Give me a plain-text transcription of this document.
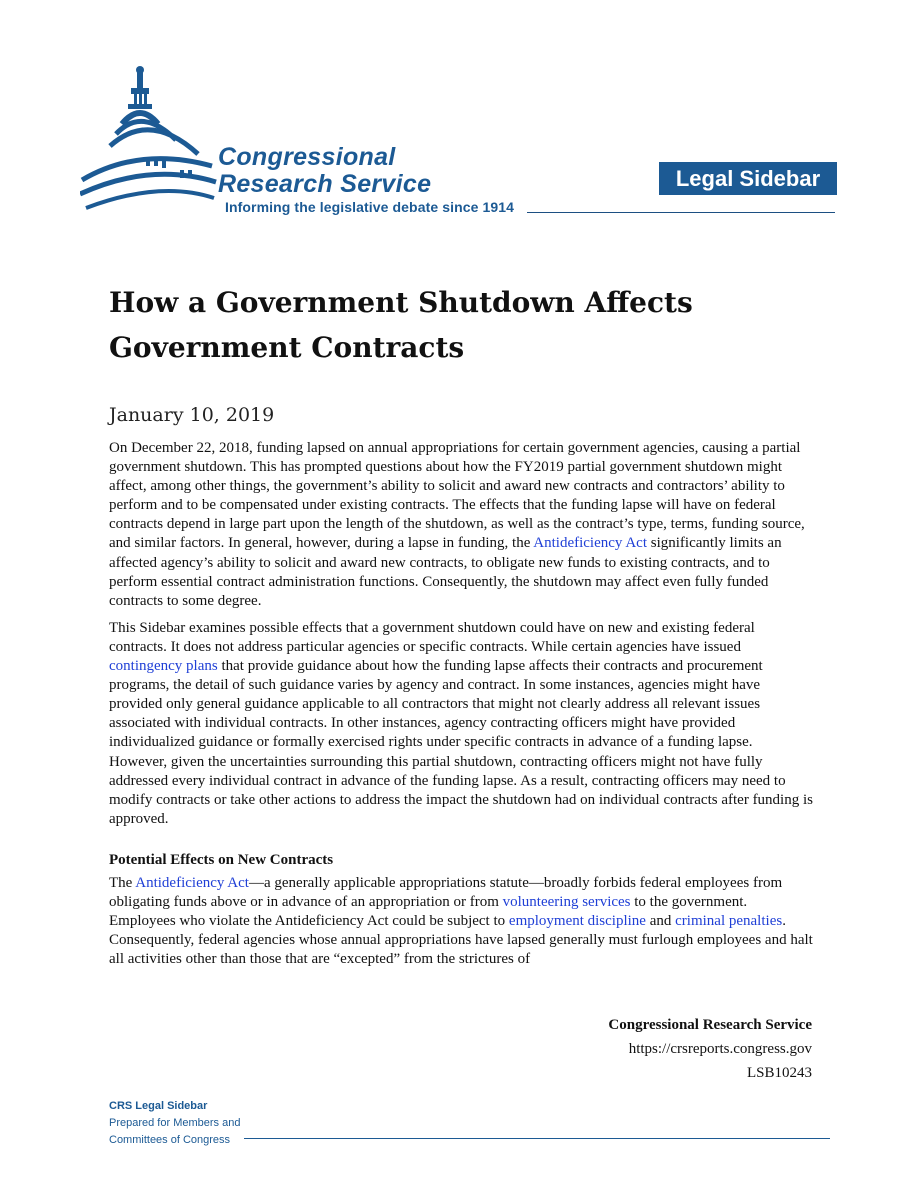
Congressional
Research Service
Informing the legislative debate since 1914
Legal Sidebar
How a Government Shutdown Affects
Government Contracts
January 10, 2019

On December 22, 2018, funding lapsed on annual appropriations for certain government agencies, causing a partial government shutdown. This has prompted questions about how the FY2019 partial government shutdown might affect, among other things, the government’s ability to solicit and award new contracts and contractors’ ability to perform and to be compensated under existing contracts. The effects that the funding lapse will have on federal contracts depend in large part upon the length of the shutdown, as well as the contract’s type, terms, funding source, and similar factors. In general, however, during a lapse in funding, the Antideficiency Act significantly limits an affected agency’s ability to solicit and award new contracts, to obligate new funds to existing contracts, and to perform essential contract administration functions. Consequently, the shutdown may affect even fully funded contracts to some degree.

This Sidebar examines possible effects that a government shutdown could have on new and existing federal contracts. It does not address particular agencies or specific contracts. While certain agencies have issued contingency plans that provide guidance about how the funding lapse affects their contracts and procurement programs, the detail of such guidance varies by agency and contract. In some instances, agencies might have provided only general guidance applicable to all contractors that might not clearly address all relevant issues associated with individual contracts. In other instances, agency contracting officers might have provided individualized guidance or formally exercised rights under specific contracts in advance of a funding lapse. However, given the uncertainties surrounding this partial shutdown, contracting officers might not have fully addressed every individual contract in advance of the funding lapse. As a result, contracting officers may need to modify contracts or take other actions to address the impact the shutdown had on individual contracts after funding is approved.

Potential Effects on New Contracts

The Antideficiency Act—a generally applicable appropriations statute—broadly forbids federal employees from obligating funds above or in advance of an appropriation or from volunteering services to the government. Employees who violate the Antideficiency Act could be subject to employment discipline and criminal penalties. Consequently, federal agencies whose annual appropriations have lapsed generally must furlough employees and halt all activities other than those that are “excepted” from the strictures of

Congressional Research Service
https://crsreports.congress.gov
LSB10243
CRS Legal Sidebar
Prepared for Members and
Committees of Congress
